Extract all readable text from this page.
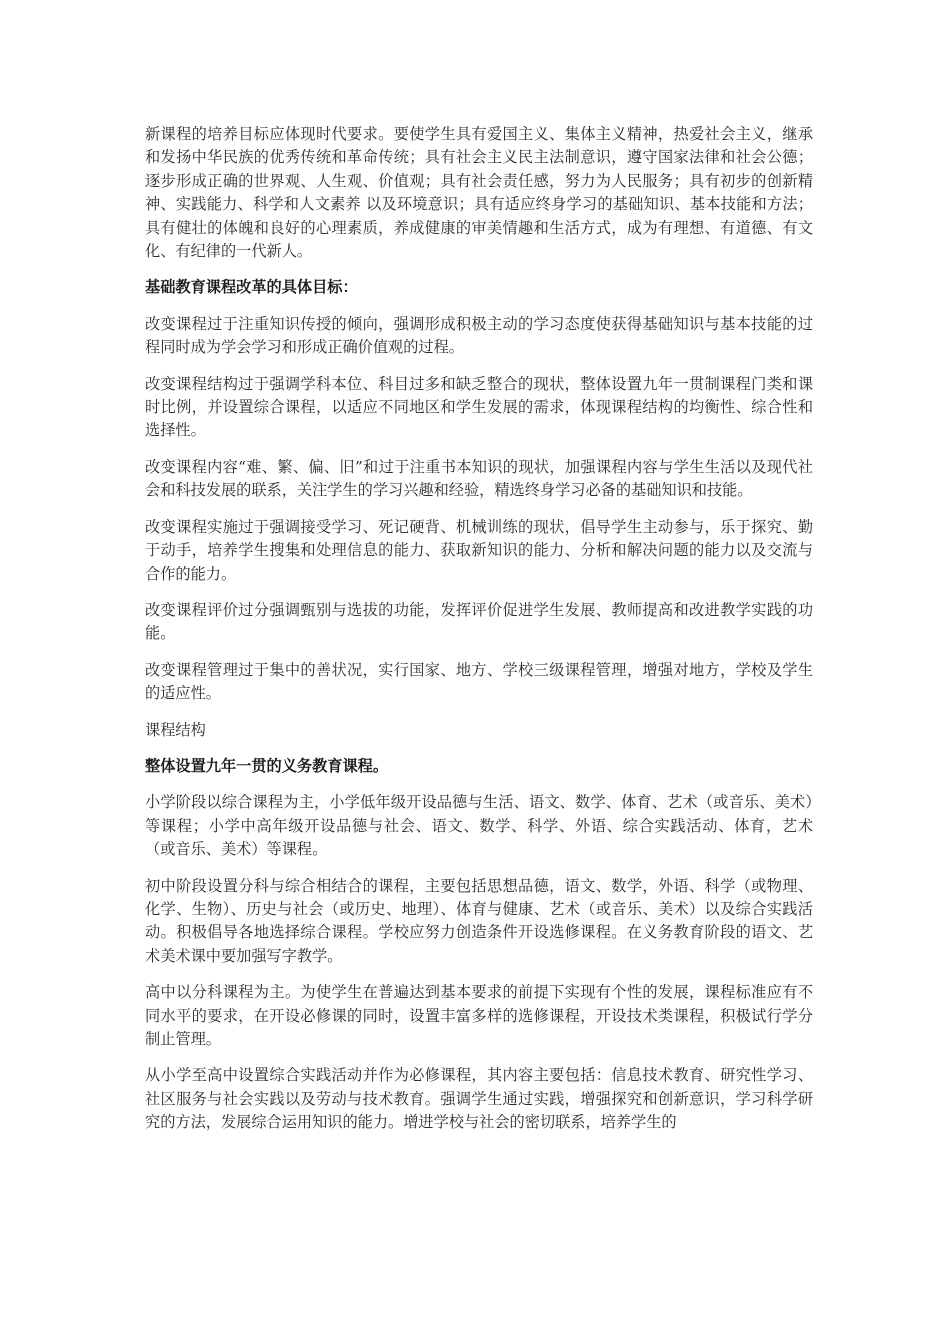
新课程的培养目标应体现时代要求。要使学生具有爱国主义、集体主义精神，热爱社会主义，继承和发扬中华民族的优秀传统和革命传统；具有社会主义民主法制意识，遵守国家法律和社会公德；逐步形成正确的世界观、人生观、价值观；具有社会责任感，努力为人民服务；具有初步的创新精神、实践能力、科学和人文素养 以及环境意识；具有适应终身学习的基础知识、基本技能和方法；具有健壮的体魄和良好的心理素质，养成健康的审美情趣和生活方式，成为有理想、有道德、有文化、有纪律的一代新人。

基础教育课程改革的具体目标：

改变课程过于注重知识传授的倾向，强调形成积极主动的学习态度使获得基础知识与基本技能的过程同时成为学会学习和形成正确价值观的过程。

改变课程结构过于强调学科本位、科目过多和缺乏整合的现状，整体设置九年一贯制课程门类和课时比例，并设置综合课程，以适应不同地区和学生发展的需求，体现课程结构的均衡性、综合性和选择性。

改变课程内容“难、繁、偏、旧”和过于注重书本知识的现状，加强课程内容与学生生活以及现代社会和科技发展的联系，关注学生的学习兴趣和经验，精选终身学习必备的基础知识和技能。

改变课程实施过于强调接受学习、死记硬背、机械训练的现状，倡导学生主动参与，乐于探究、勤于动手，培养学生搜集和处理信息的能力、获取新知识的能力、分析和解决问题的能力以及交流与合作的能力。

改变课程评价过分强调甄别与选拔的功能，发挥评价促进学生发展、教师提高和改进教学实践的功能。

改变课程管理过于集中的善状况，实行国家、地方、学校三级课程管理，增强对地方，学校及学生的适应性。

课程结构

整体设置九年一贯的义务教育课程。

小学阶段以综合课程为主，小学低年级开设品德与生活、语文、数学、体育、艺术（或音乐、美术）等课程；小学中高年级开设品德与社会、语文、数学、科学、外语、综合实践活动、体育，艺术（或音乐、美术）等课程。

初中阶段设置分科与综合相结合的课程，主要包括思想品德，语文、数学，外语、科学（或物理、化学、生物）、历史与社会（或历史、地理）、体育与健康、艺术（或音乐、美术）以及综合实践活动。积极倡导各地选择综合课程。学校应努力创造条件开设选修课程。在义务教育阶段的语文、艺术美术课中要加强写字教学。

高中以分科课程为主。为使学生在普遍达到基本要求的前提下实现有个性的发展，课程标准应有不同水平的要求，在开设必修课的同时，设置丰富多样的选修课程，开设技术类课程，积极试行学分制止管理。

从小学至高中设置综合实践活动并作为必修课程，其内容主要包括：信息技术教育、研究性学习、社区服务与社会实践以及劳动与技术教育。强调学生通过实践，增强探究和创新意识，学习科学研究的方法，发展综合运用知识的能力。增进学校与社会的密切联系，培养学生的
